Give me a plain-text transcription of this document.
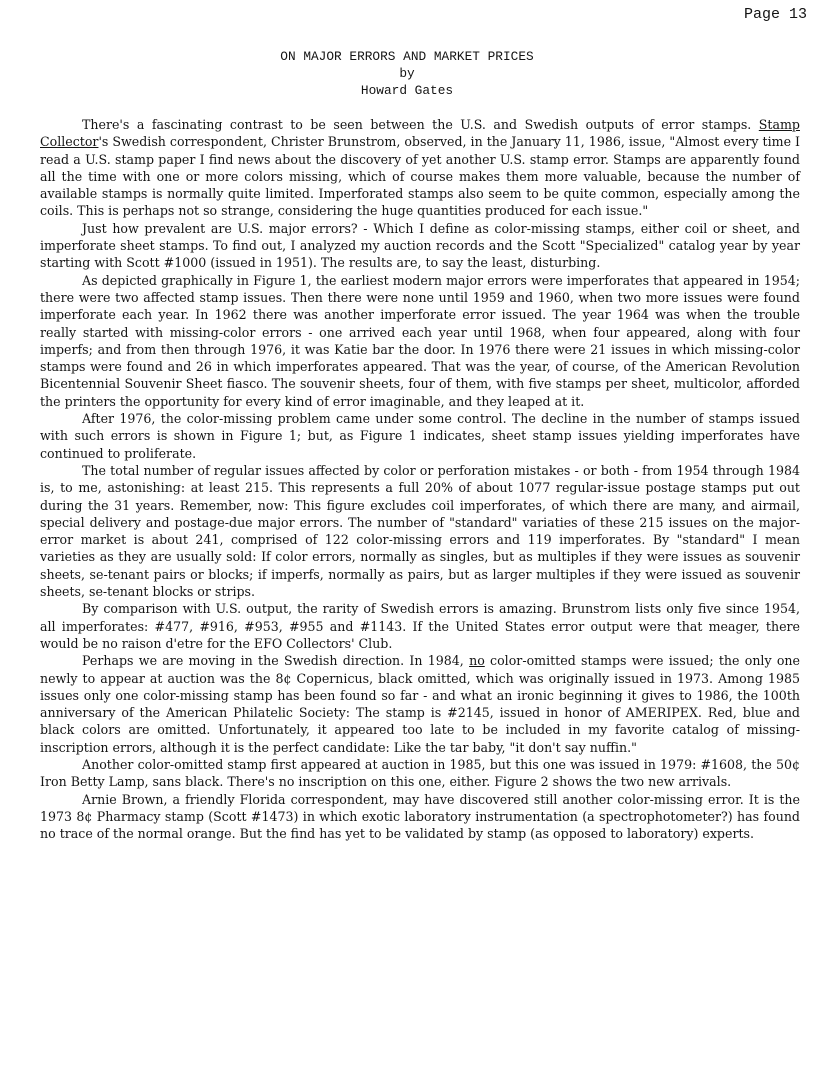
Page 13
ON MAJOR ERRORS AND MARKET PRICES
by
Howard Gates

There's a fascinating contrast to be seen between the U.S. and Swedish outputs of error stamps. Stamp Collector's Swedish correspondent, Christer Brunstrom, observed, in the January 11, 1986, issue, "Almost every time I read a U.S. stamp paper I find news about the discovery of yet another U.S. stamp error. Stamps are apparently found all the time with one or more colors missing, which of course makes them more valuable, because the number of available stamps is normally quite limited. Imperforated stamps also seem to be quite common, especially among the coils. This is perhaps not so strange, considering the huge quantities produced for each issue."

Just how prevalent are U.S. major errors? - Which I define as color-missing stamps, either coil or sheet, and imperforate sheet stamps. To find out, I analyzed my auction records and the Scott "Specialized" catalog year by year starting with Scott #1000 (issued in 1951). The results are, to say the least, disturbing.

As depicted graphically in Figure 1, the earliest modern major errors were imperforates that appeared in 1954; there were two affected stamp issues. Then there were none until 1959 and 1960, when two more issues were found imperforate each year. In 1962 there was another imperforate error issued. The year 1964 was when the trouble really started with missing-color errors - one arrived each year until 1968, when four appeared, along with four imperfs; and from then through 1976, it was Katie bar the door. In 1976 there were 21 issues in which missing-color stamps were found and 26 in which imperforates appeared. That was the year, of course, of the American Revolution Bicentennial Souvenir Sheet fiasco. The souvenir sheets, four of them, with five stamps per sheet, multicolor, afforded the printers the opportunity for every kind of error imaginable, and they leaped at it.

After 1976, the color-missing problem came under some control. The decline in the number of stamps issued with such errors is shown in Figure 1; but, as Figure 1 indicates, sheet stamp issues yielding imperforates have continued to proliferate.

The total number of regular issues affected by color or perforation mistakes - or both - from 1954 through 1984 is, to me, astonishing: at least 215. This represents a full 20% of about 1077 regular-issue postage stamps put out during the 31 years. Remember, now: This figure excludes coil imperforates, of which there are many, and airmail, special delivery and postage-due major errors. The number of "standard" variaties of these 215 issues on the major-error market is about 241, comprised of 122 color-missing errors and 119 imperforates. By "standard" I mean varieties as they are usually sold: If color errors, normally as singles, but as multiples if they were issues as souvenir sheets, se-tenant pairs or blocks; if imperfs, normally as pairs, but as larger multiples if they were issued as souvenir sheets, se-tenant blocks or strips.

By comparison with U.S. output, the rarity of Swedish errors is amazing. Brunstrom lists only five since 1954, all imperforates: #477, #916, #953, #955 and #1143. If the United States error output were that meager, there would be no raison d'etre for the EFO Collectors' Club.

Perhaps we are moving in the Swedish direction. In 1984, no color-omitted stamps were issued; the only one newly to appear at auction was the 8¢ Copernicus, black omitted, which was originally issued in 1973. Among 1985 issues only one color-missing stamp has been found so far - and what an ironic beginning it gives to 1986, the 100th anniversary of the American Philatelic Society: The stamp is #2145, issued in honor of AMERIPEX. Red, blue and black colors are omitted. Unfortunately, it appeared too late to be included in my favorite catalog of missing-inscription errors, although it is the perfect candidate: Like the tar baby, "it don't say nuffin."

Another color-omitted stamp first appeared at auction in 1985, but this one was issued in 1979: #1608, the 50¢ Iron Betty Lamp, sans black. There's no inscription on this one, either. Figure 2 shows the two new arrivals.

Arnie Brown, a friendly Florida correspondent, may have discovered still another color-missing error. It is the 1973 8¢ Pharmacy stamp (Scott #1473) in which exotic laboratory instrumentation (a spectrophotometer?) has found no trace of the normal orange. But the find has yet to be validated by stamp (as opposed to laboratory) experts.
